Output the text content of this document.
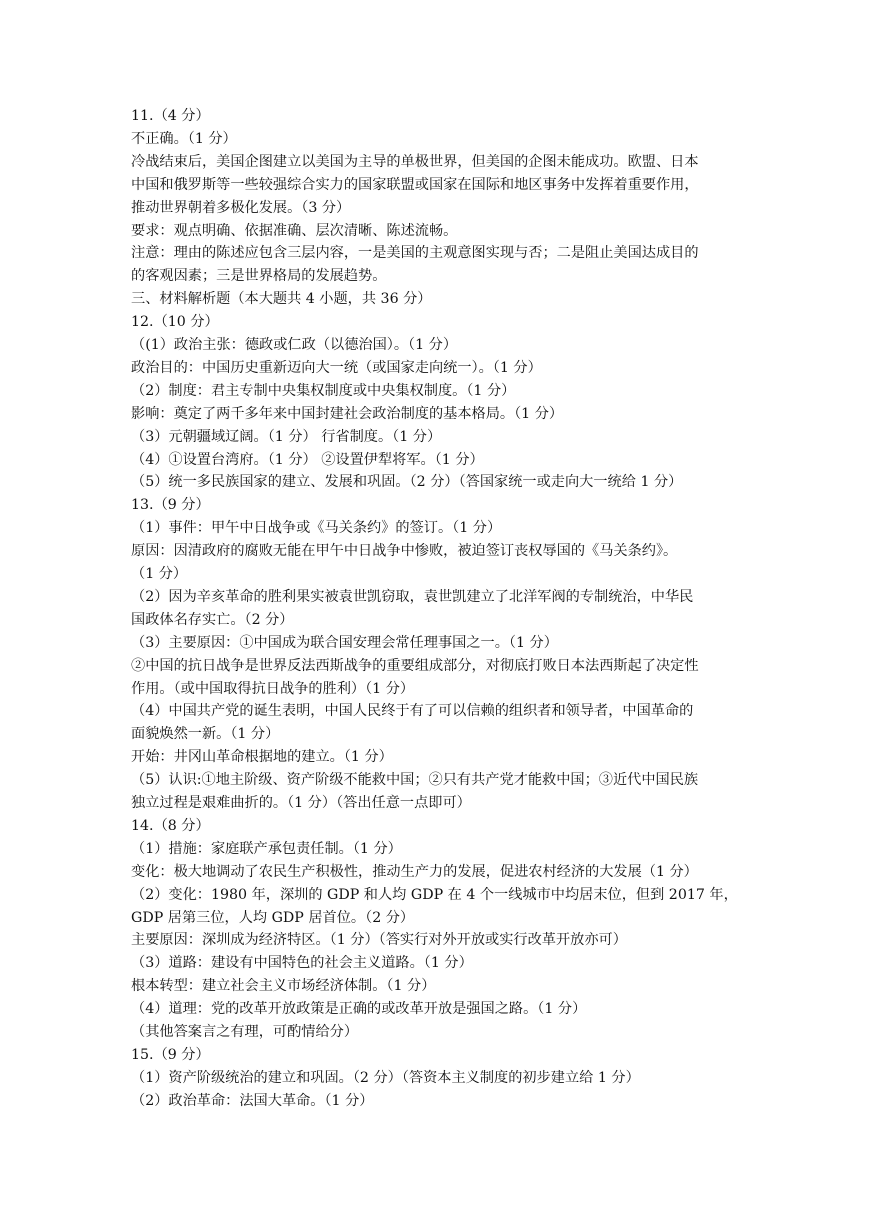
11.（4 分）

不正确。（1 分）

冷战结束后，美国企图建立以美国为主导的单极世界，但美国的企图未能成功。欧盟、日本

中国和俄罗斯等一些较强综合实力的国家联盟或国家在国际和地区事务中发挥着重要作用，

推动世界朝着多极化发展。（3 分）

要求：观点明确、依据准确、层次清晰、陈述流畅。

注意：理由的陈述应包含三层内容，一是美国的主观意图实现与否；二是阻止美国达成目的

的客观因素；三是世界格局的发展趋势。

三、材料解析题（本大题共 4 小题，共 36 分）

12.（10 分）

（(1）政治主张：德政或仁政（以德治国）。（1 分）

政治目的：中国历史重新迈向大一统（或国家走向统一）。（1 分）

（2）制度：君主专制中央集权制度或中央集权制度。（1 分）

影响：奠定了两千多年来中国封建社会政治制度的基本格局。（1 分）

（3）元朝疆域辽阔。（1 分） 行省制度。（1 分）

（4）①设置台湾府。（1 分） ②设置伊犁将军。（1 分）

（5）统一多民族国家的建立、发展和巩固。（2 分）（答国家统一或走向大一统给 1 分）

13.（9 分）

（1）事件：甲午中日战争或《马关条约》的签订。（1 分）

原因：因清政府的腐败无能在甲午中日战争中惨败，被迫签订丧权辱国的《马关条约》。

（1 分）

（2）因为辛亥革命的胜利果实被袁世凯窃取，袁世凯建立了北洋军阀的专制统治，中华民

国政体名存实亡。（2 分）

（3）主要原因：①中国成为联合国安理会常任理事国之一。（1 分）

②中国的抗日战争是世界反法西斯战争的重要组成部分，对彻底打败日本法西斯起了决定性

作用。（或中国取得抗日战争的胜利）（1 分）

（4）中国共产党的诞生表明，中国人民终于有了可以信赖的组织者和领导者，中国革命的

面貌焕然一新。（1 分）

开始：井冈山革命根据地的建立。（1 分）

（5）认识:①地主阶级、资产阶级不能救中国；②只有共产党才能救中国；③近代中国民族

独立过程是艰难曲折的。（1 分）（答出任意一点即可）

14.（8 分）

（1）措施：家庭联产承包责任制。（1 分）

变化：极大地调动了农民生产积极性，推动生产力的发展，促进农村经济的大发展（1 分）

（2）变化：1980 年，深圳的 GDP 和人均 GDP 在 4 个一线城市中均居末位，但到 2017 年，

GDP 居第三位，人均 GDP 居首位。（2 分）

主要原因：深圳成为经济特区。（1 分）（答实行对外开放或实行改革开放亦可）

（3）道路：建设有中国特色的社会主义道路。（1 分）

根本转型：建立社会主义市场经济体制。（1 分）

（4）道理：党的改革开放政策是正确的或改革开放是强国之路。（1 分）

（其他答案言之有理，可酌情给分）

15.（9 分）

（1）资产阶级统治的建立和巩固。（2 分）（答资本主义制度的初步建立给 1 分）

（2）政治革命：法国大革命。（1 分）
